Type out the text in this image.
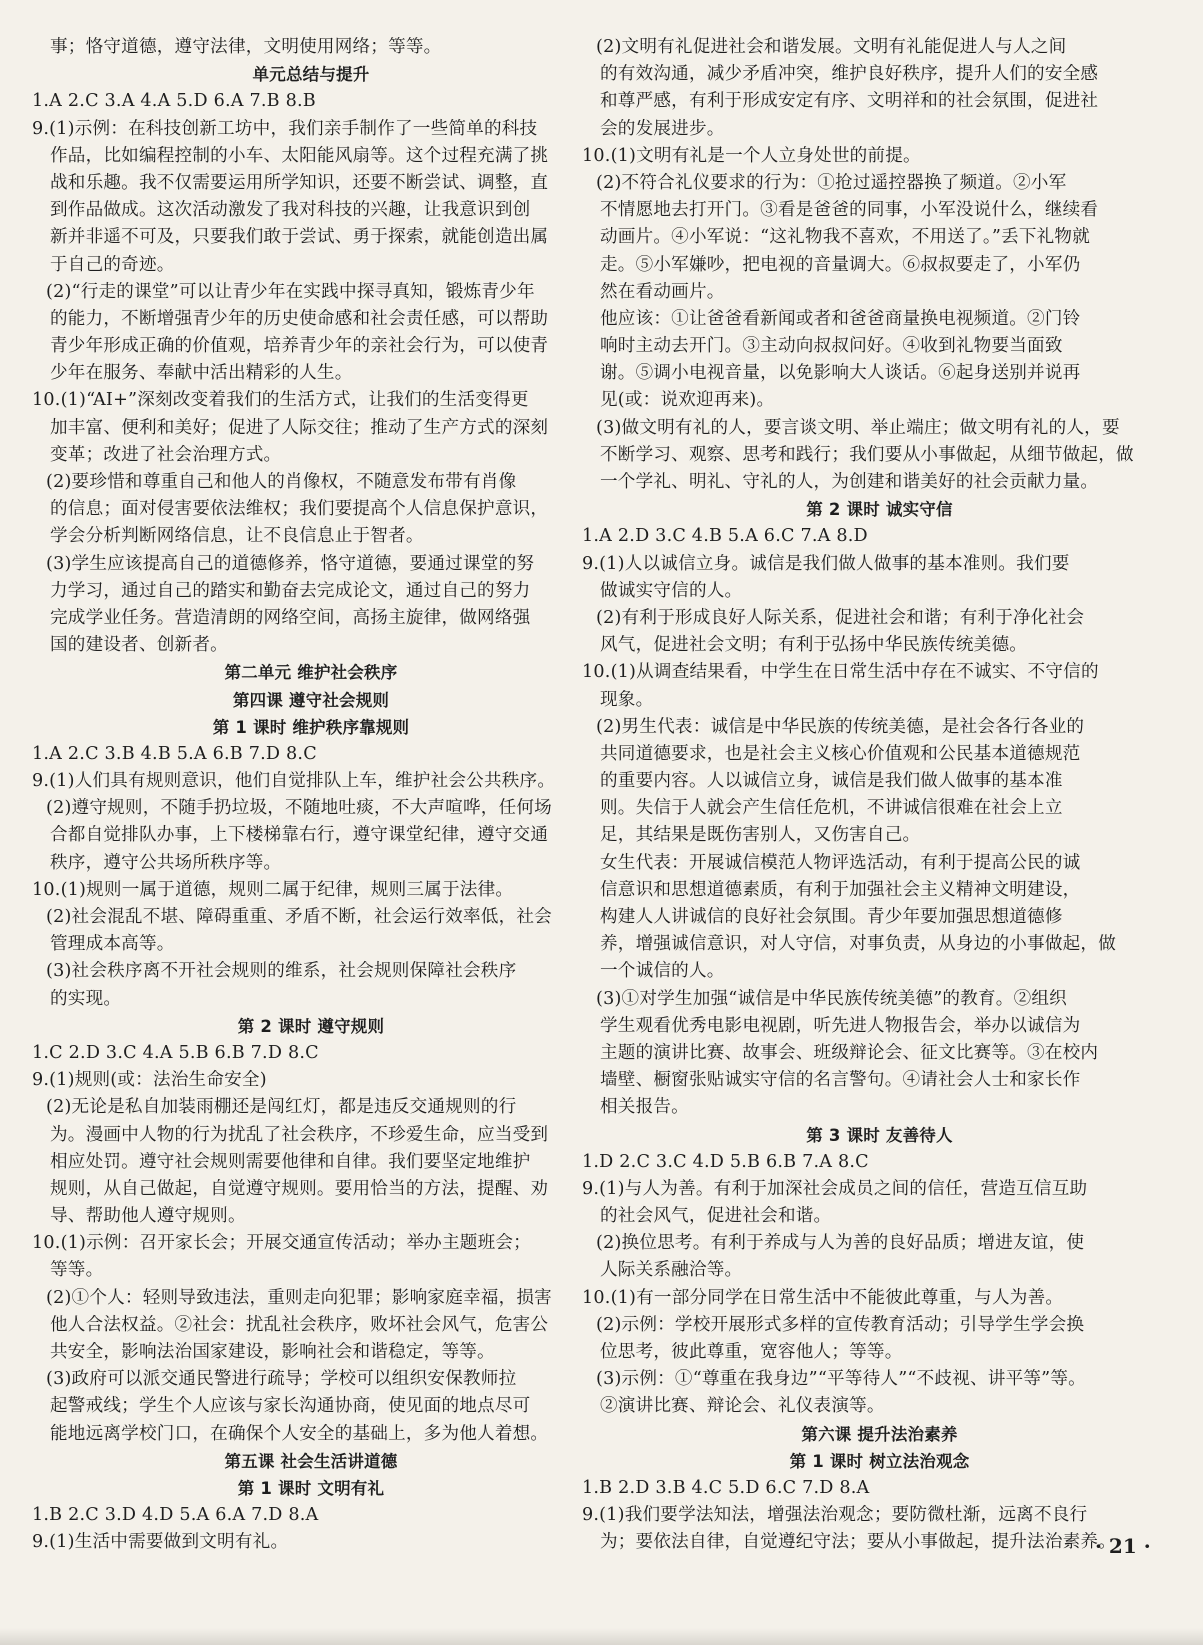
事；恪守道德，遵守法律，文明使用网络；等等。
单元总结与提升
1.A 2.C 3.A 4.A 5.D 6.A 7.B 8.B
9.(1)示例：在科技创新工坊中，我们亲手制作了一些简单的科技
作品，比如编程控制的小车、太阳能风扇等。这个过程充满了挑
战和乐趣。我不仅需要运用所学知识，还要不断尝试、调整，直
到作品做成。这次活动激发了我对科技的兴趣，让我意识到创
新并非遥不可及，只要我们敢于尝试、勇于探索，就能创造出属
于自己的奇迹。
(2)“行走的课堂”可以让青少年在实践中探寻真知，锻炼青少年
的能力，不断增强青少年的历史使命感和社会责任感，可以帮助
青少年形成正确的价值观，培养青少年的亲社会行为，可以使青
少年在服务、奉献中活出精彩的人生。
10.(1)“AI+”深刻改变着我们的生活方式，让我们的生活变得更
加丰富、便利和美好；促进了人际交往；推动了生产方式的深刻
变革；改进了社会治理方式。
(2)要珍惜和尊重自己和他人的肖像权，不随意发布带有肖像
的信息；面对侵害要依法维权；我们要提高个人信息保护意识，
学会分析判断网络信息，让不良信息止于智者。
(3)学生应该提高自己的道德修养，恪守道德，要通过课堂的努
力学习，通过自己的踏实和勤奋去完成论文，通过自己的努力
完成学业任务。营造清朗的网络空间，高扬主旋律，做网络强
国的建设者、创新者。
第二单元 维护社会秩序
第四课 遵守社会规则
第 1 课时 维护秩序靠规则
1.A 2.C 3.B 4.B 5.A 6.B 7.D 8.C
9.(1)人们具有规则意识，他们自觉排队上车，维护社会公共秩序。
(2)遵守规则，不随手扔垃圾，不随地吐痰，不大声喧哗，任何场
合都自觉排队办事，上下楼梯靠右行，遵守课堂纪律，遵守交通
秩序，遵守公共场所秩序等。
10.(1)规则一属于道德，规则二属于纪律，规则三属于法律。
(2)社会混乱不堪、障碍重重、矛盾不断，社会运行效率低，社会
管理成本高等。
(3)社会秩序离不开社会规则的维系，社会规则保障社会秩序
的实现。
第 2 课时 遵守规则
1.C 2.D 3.C 4.A 5.B 6.B 7.D 8.C
9.(1)规则(或：法治生命安全)
(2)无论是私自加装雨棚还是闯红灯，都是违反交通规则的行
为。漫画中人物的行为扰乱了社会秩序，不珍爱生命，应当受到
相应处罚。遵守社会规则需要他律和自律。我们要坚定地维护
规则，从自己做起，自觉遵守规则。要用恰当的方法，提醒、劝
导、帮助他人遵守规则。
10.(1)示例：召开家长会；开展交通宣传活动；举办主题班会；
等等。
(2)①个人：轻则导致违法，重则走向犯罪；影响家庭幸福，损害
他人合法权益。②社会：扰乱社会秩序，败坏社会风气，危害公
共安全，影响法治国家建设，影响社会和谐稳定，等等。
(3)政府可以派交通民警进行疏导；学校可以组织安保教师拉
起警戒线；学生个人应该与家长沟通协商，使见面的地点尽可
能地远离学校门口，在确保个人安全的基础上，多为他人着想。
第五课 社会生活讲道德
第 1 课时 文明有礼
1.B 2.C 3.D 4.D 5.A 6.A 7.D 8.A
9.(1)生活中需要做到文明有礼。
(2)文明有礼促进社会和谐发展。文明有礼能促进人与人之间
的有效沟通，减少矛盾冲突，维护良好秩序，提升人们的安全感
和尊严感，有利于形成安定有序、文明祥和的社会氛围，促进社
会的发展进步。
10.(1)文明有礼是一个人立身处世的前提。
(2)不符合礼仪要求的行为：①抢过遥控器换了频道。②小军
不情愿地去打开门。③看是爸爸的同事，小军没说什么，继续看
动画片。④小军说：“这礼物我不喜欢，不用送了。”丢下礼物就
走。⑤小军嫌吵，把电视的音量调大。⑥叔叔要走了，小军仍
然在看动画片。
他应该：①让爸爸看新闻或者和爸爸商量换电视频道。②门铃
响时主动去开门。③主动向叔叔问好。④收到礼物要当面致
谢。⑤调小电视音量，以免影响大人谈话。⑥起身送别并说再
见(或：说欢迎再来)。
(3)做文明有礼的人，要言谈文明、举止端庄；做文明有礼的人，要
不断学习、观察、思考和践行；我们要从小事做起，从细节做起，做
一个学礼、明礼、守礼的人，为创建和谐美好的社会贡献力量。
第 2 课时 诚实守信
1.A 2.D 3.C 4.B 5.A 6.C 7.A 8.D
9.(1)人以诚信立身。诚信是我们做人做事的基本准则。我们要
做诚实守信的人。
(2)有利于形成良好人际关系，促进社会和谐；有利于净化社会
风气，促进社会文明；有利于弘扬中华民族传统美德。
10.(1)从调查结果看，中学生在日常生活中存在不诚实、不守信的
现象。
(2)男生代表：诚信是中华民族的传统美德，是社会各行各业的
共同道德要求，也是社会主义核心价值观和公民基本道德规范
的重要内容。人以诚信立身，诚信是我们做人做事的基本准
则。失信于人就会产生信任危机，不讲诚信很难在社会上立
足，其结果是既伤害别人，又伤害自己。
女生代表：开展诚信模范人物评选活动，有利于提高公民的诚
信意识和思想道德素质，有利于加强社会主义精神文明建设，
构建人人讲诚信的良好社会氛围。青少年要加强思想道德修
养，增强诚信意识，对人守信，对事负责，从身边的小事做起，做
一个诚信的人。
(3)①对学生加强“诚信是中华民族传统美德”的教育。②组织
学生观看优秀电影电视剧，听先进人物报告会，举办以诚信为
主题的演讲比赛、故事会、班级辩论会、征文比赛等。③在校内
墙壁、橱窗张贴诚实守信的名言警句。④请社会人士和家长作
相关报告。
第 3 课时 友善待人
1.D 2.C 3.C 4.D 5.B 6.B 7.A 8.C
9.(1)与人为善。有利于加深社会成员之间的信任，营造互信互助
的社会风气，促进社会和谐。
(2)换位思考。有利于养成与人为善的良好品质；增进友谊，使
人际关系融洽等。
10.(1)有一部分同学在日常生活中不能彼此尊重，与人为善。
(2)示例：学校开展形式多样的宣传教育活动；引导学生学会换
位思考，彼此尊重，宽容他人；等等。
(3)示例：①“尊重在我身边”“平等待人”“不歧视、讲平等”等。
②演讲比赛、辩论会、礼仪表演等。
第六课 提升法治素养
第 1 课时 树立法治观念
1.B 2.D 3.B 4.C 5.D 6.C 7.D 8.A
9.(1)我们要学法知法，增强法治观念；要防微杜渐，远离不良行
为；要依法自律，自觉遵纪守法；要从小事做起，提升法治素养。
· 21 ·
